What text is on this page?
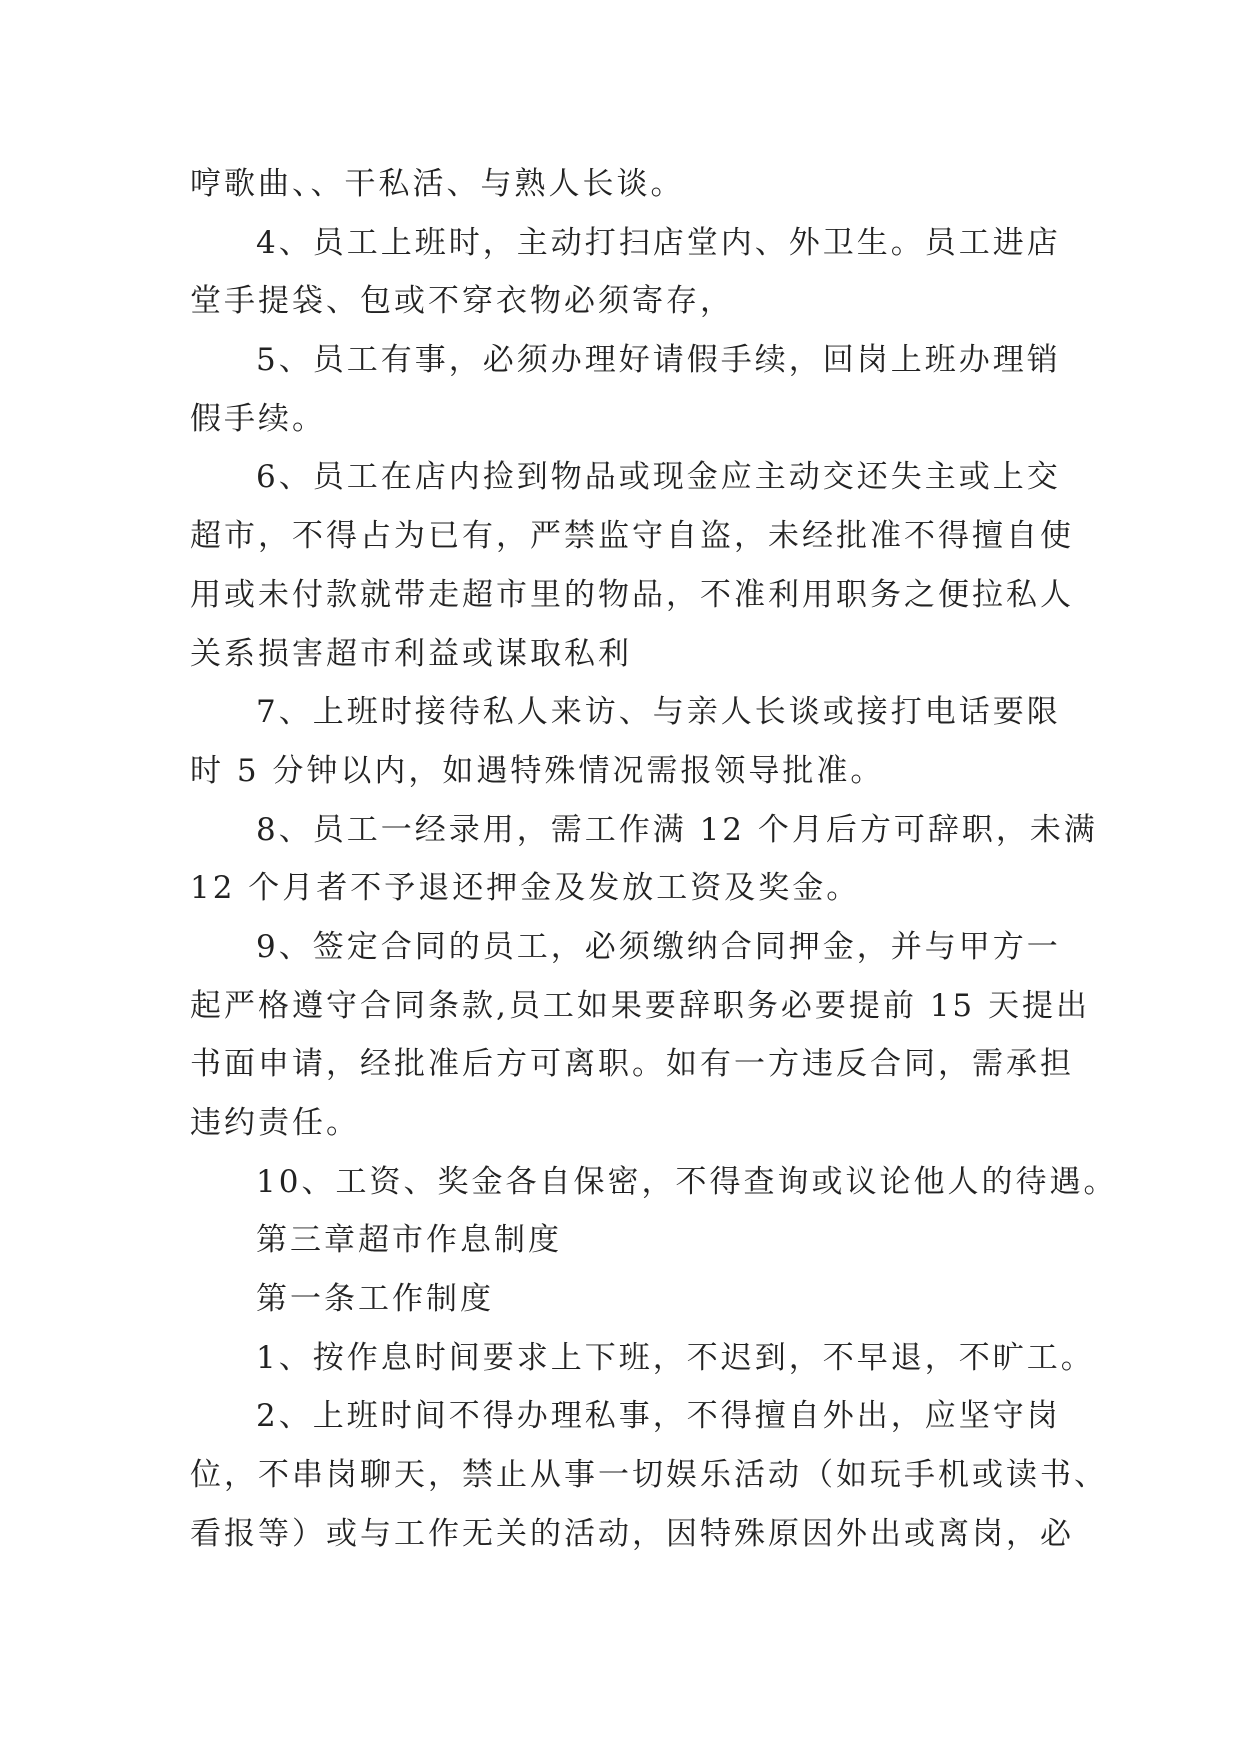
哼歌曲、、干私活、与熟人长谈。
4、员工上班时，主动打扫店堂内、外卫生。员工进店
堂手提袋、包或不穿衣物必须寄存，
5、员工有事，必须办理好请假手续，回岗上班办理销
假手续。
6、员工在店内捡到物品或现金应主动交还失主或上交
超市，不得占为已有，严禁监守自盗，未经批准不得擅自使
用或未付款就带走超市里的物品，不准利用职务之便拉私人
关系损害超市利益或谋取私利
7、上班时接待私人来访、与亲人长谈或接打电话要限
时 5 分钟以内，如遇特殊情况需报领导批准。
8、员工一经录用，需工作满 12 个月后方可辞职，未满
12 个月者不予退还押金及发放工资及奖金。
9、签定合同的员工，必须缴纳合同押金，并与甲方一
起严格遵守合同条款,员工如果要辞职务必要提前 15 天提出
书面申请，经批准后方可离职。如有一方违反合同，需承担
违约责任。
10、工资、奖金各自保密，不得查询或议论他人的待遇。
第三章超市作息制度
第一条工作制度
1、按作息时间要求上下班，不迟到，不早退，不旷工。
2、上班时间不得办理私事，不得擅自外出，应坚守岗
位，不串岗聊天，禁止从事一切娱乐活动（如玩手机或读书、
看报等）或与工作无关的活动，因特殊原因外出或离岗，必
